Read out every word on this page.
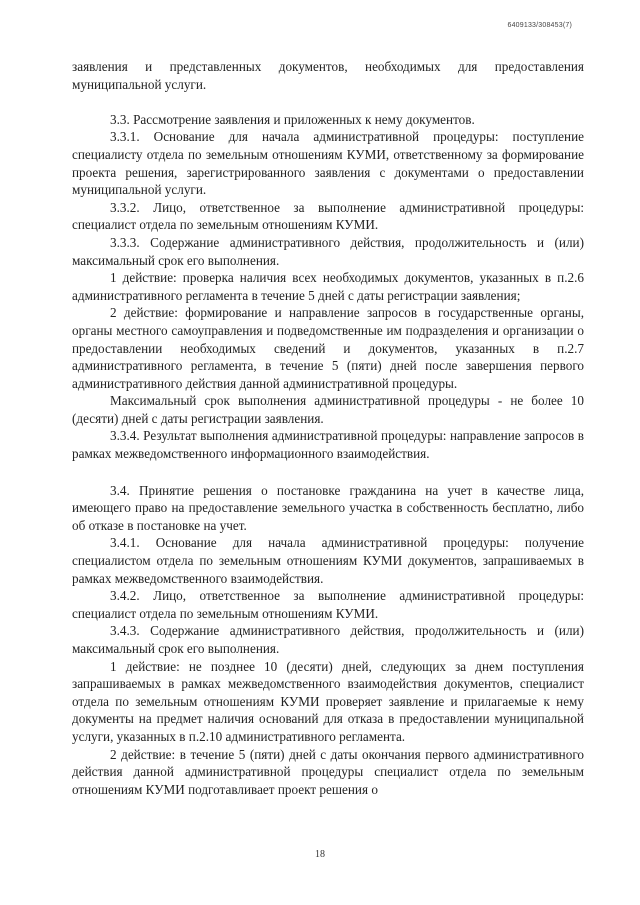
6409133/308453(7)

заявления и представленных документов, необходимых для предоставления муниципальной услуги.

3.3. Рассмотрение заявления и приложенных к нему документов.

3.3.1. Основание для начала административной процедуры: поступление специалисту отдела по земельным отношениям КУМИ, ответственному за формирование проекта решения, зарегистрированного заявления с документами о предоставлении муниципальной услуги.

3.3.2. Лицо, ответственное за выполнение административной процедуры: специалист отдела по земельным отношениям КУМИ.

3.3.3. Содержание административного действия, продолжительность и (или) максимальный срок его выполнения.

1 действие: проверка наличия всех необходимых документов, указанных в п.2.6 административного регламента в течение 5 дней с даты регистрации заявления;

2 действие: формирование и направление запросов в государственные органы, органы местного самоуправления и подведомственные им подразделения и организации о предоставлении необходимых сведений и документов, указанных в п.2.7 административного регламента, в течение 5 (пяти) дней после завершения первого административного действия данной административной процедуры.

Максимальный срок выполнения административной процедуры - не более 10 (десяти) дней с даты регистрации заявления.

3.3.4. Результат выполнения административной процедуры: направление запросов в рамках межведомственного информационного взаимодействия.

3.4. Принятие решения о постановке гражданина на учет в качестве лица, имеющего право на предоставление земельного участка в собственность бесплатно, либо об отказе в постановке на учет.

3.4.1. Основание для начала административной процедуры: получение специалистом отдела по земельным отношениям КУМИ документов, запрашиваемых в рамках межведомственного взаимодействия.

3.4.2. Лицо, ответственное за выполнение административной процедуры: специалист отдела по земельным отношениям КУМИ.

3.4.3. Содержание административного действия, продолжительность и (или) максимальный срок его выполнения.

1 действие: не позднее 10 (десяти) дней, следующих за днем поступления запрашиваемых в рамках межведомственного взаимодействия документов, специалист отдела по земельным отношениям КУМИ проверяет заявление и прилагаемые к нему документы на предмет наличия оснований для отказа в предоставлении муниципальной услуги, указанных в п.2.10 административного регламента.

2 действие: в течение 5 (пяти) дней с даты окончания первого административного действия данной административной процедуры специалист отдела по земельным отношениям КУМИ подготавливает проект решения о

18
